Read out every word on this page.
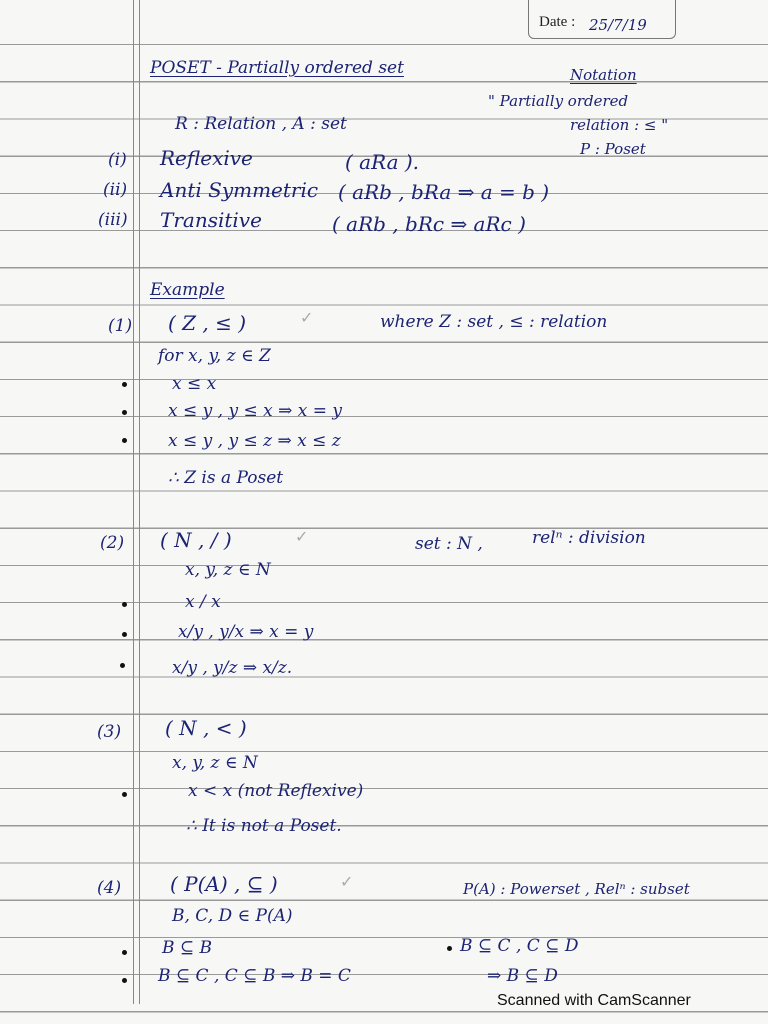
Date : 25/7/19
POSET - Partially ordered set	Notation
" Partially ordered
relation : ≤ "
P : Poset
R : Relation , A : set
(i) Reflexive	( aRa ).
(ii) Anti Symmetric ( aRb , bRa ⇒ a = b )
(iii) Transitive	( aRb , bRc ⇒ aRc )
Example
(1) ( Z , ≤ )	✓	where Z : set , ≤ : relation
for x, y, z ∈ Z
x ≤ x
x ≤ y , y ≤ x ⇒ x = y
x ≤ y , y ≤ z ⇒ x ≤ z
∴ Z is a Poset
(2) ( N , / )	✓	set : N ,	relⁿ : division
x, y, z ∈ N
x / x
x/y , y/x ⇒ x = y
x/y , y/z ⇒ x/z.
(3) ( N , < )
x, y, z ∈ N
x < x (not Reflexive)
∴ It is not a Poset.
(4) ( P(A) , ⊆ )	✓	P(A) : Powerset , Relⁿ : subset
B, C, D ∈ P(A)
B ⊆ B
B ⊆ C , C ⊆ B ⇒ B = C
B ⊆ C , C ⊆ D
⇒ B ⊆ D
Scanned with CamScanner
